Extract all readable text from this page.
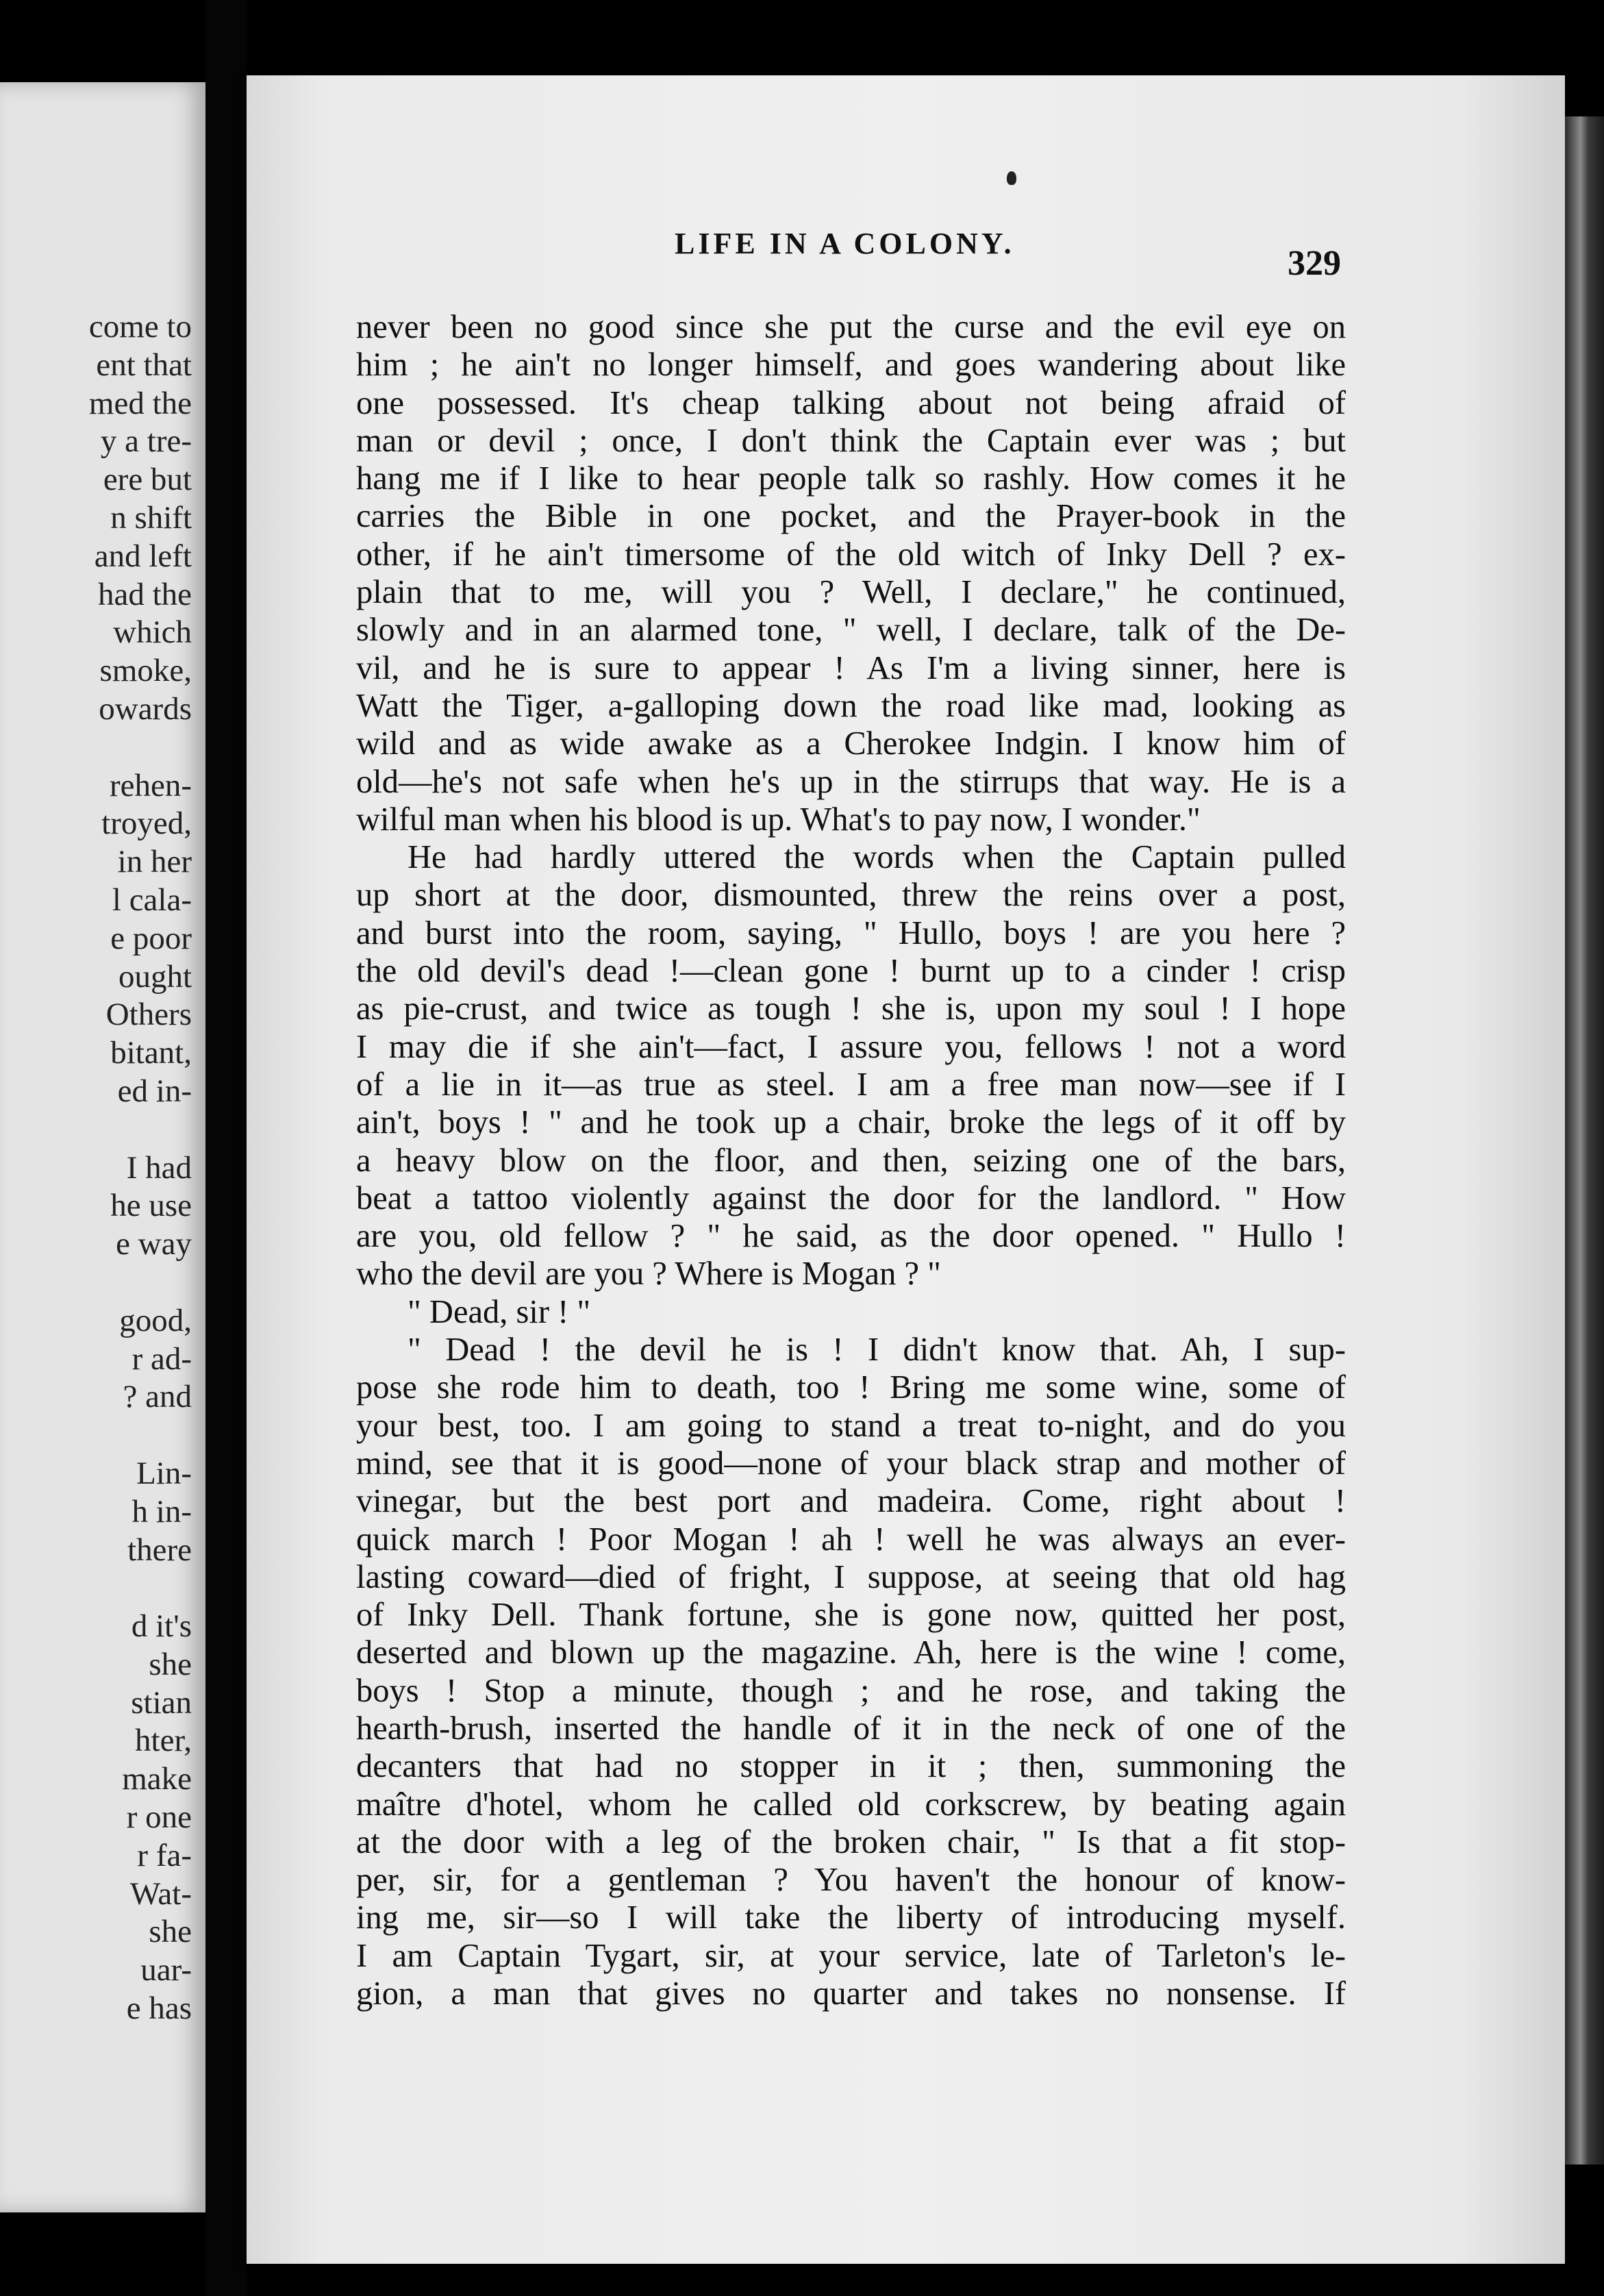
come to
ent that
med the
y a tre-
ere but
n shift
and left
had the
which
smoke,
owards
rehen-
troyed,
in her
l cala-
e poor
ought
Others
bitant,
ed in-
I had
he use
e way
good,
r ad-
? and
Lin-
h in-
there
d it's
she
stian
hter,
make
r one
r fa-
Wat-
she
uar-
e has
LIFE IN A COLONY.
329
never been no good since she put the curse and the evil eye on
him ; he ain't no longer himself, and goes wandering about like
one possessed. It's cheap talking about not being afraid of
man or devil ; once, I don't think the Captain ever was ; but
hang me if I like to hear people talk so rashly. How comes it he
carries the Bible in one pocket, and the Prayer-book in the
other, if he ain't timersome of the old witch of Inky Dell ? ex-
plain that to me, will you ? Well, I declare," he continued,
slowly and in an alarmed tone, " well, I declare, talk of the De-
vil, and he is sure to appear ! As I'm a living sinner, here is
Watt the Tiger, a-galloping down the road like mad, looking as
wild and as wide awake as a Cherokee Indgin. I know him of
old—he's not safe when he's up in the stirrups that way. He is a
wilful man when his blood is up. What's to pay now, I wonder."
He had hardly uttered the words when the Captain pulled
up short at the door, dismounted, threw the reins over a post,
and burst into the room, saying, " Hullo, boys ! are you here ?
the old devil's dead !—clean gone ! burnt up to a cinder ! crisp
as pie-crust, and twice as tough ! she is, upon my soul ! I hope
I may die if she ain't—fact, I assure you, fellows ! not a word
of a lie in it—as true as steel. I am a free man now—see if I
ain't, boys ! " and he took up a chair, broke the legs of it off by
a heavy blow on the floor, and then, seizing one of the bars,
beat a tattoo violently against the door for the landlord. " How
are you, old fellow ? " he said, as the door opened. " Hullo !
who the devil are you ? Where is Mogan ? "
" Dead, sir ! "
" Dead ! the devil he is ! I didn't know that. Ah, I sup-
pose she rode him to death, too ! Bring me some wine, some of
your best, too. I am going to stand a treat to-night, and do you
mind, see that it is good—none of your black strap and mother of
vinegar, but the best port and madeira. Come, right about !
quick march ! Poor Mogan ! ah ! well he was always an ever-
lasting coward—died of fright, I suppose, at seeing that old hag
of Inky Dell. Thank fortune, she is gone now, quitted her post,
deserted and blown up the magazine. Ah, here is the wine ! come,
boys ! Stop a minute, though ; and he rose, and taking the
hearth-brush, inserted the handle of it in the neck of one of the
decanters that had no stopper in it ; then, summoning the
maître d'hotel, whom he called old corkscrew, by beating again
at the door with a leg of the broken chair, " Is that a fit stop-
per, sir, for a gentleman ? You haven't the honour of know-
ing me, sir—so I will take the liberty of introducing myself.
I am Captain Tygart, sir, at your service, late of Tarleton's le-
gion, a man that gives no quarter and takes no nonsense. If
